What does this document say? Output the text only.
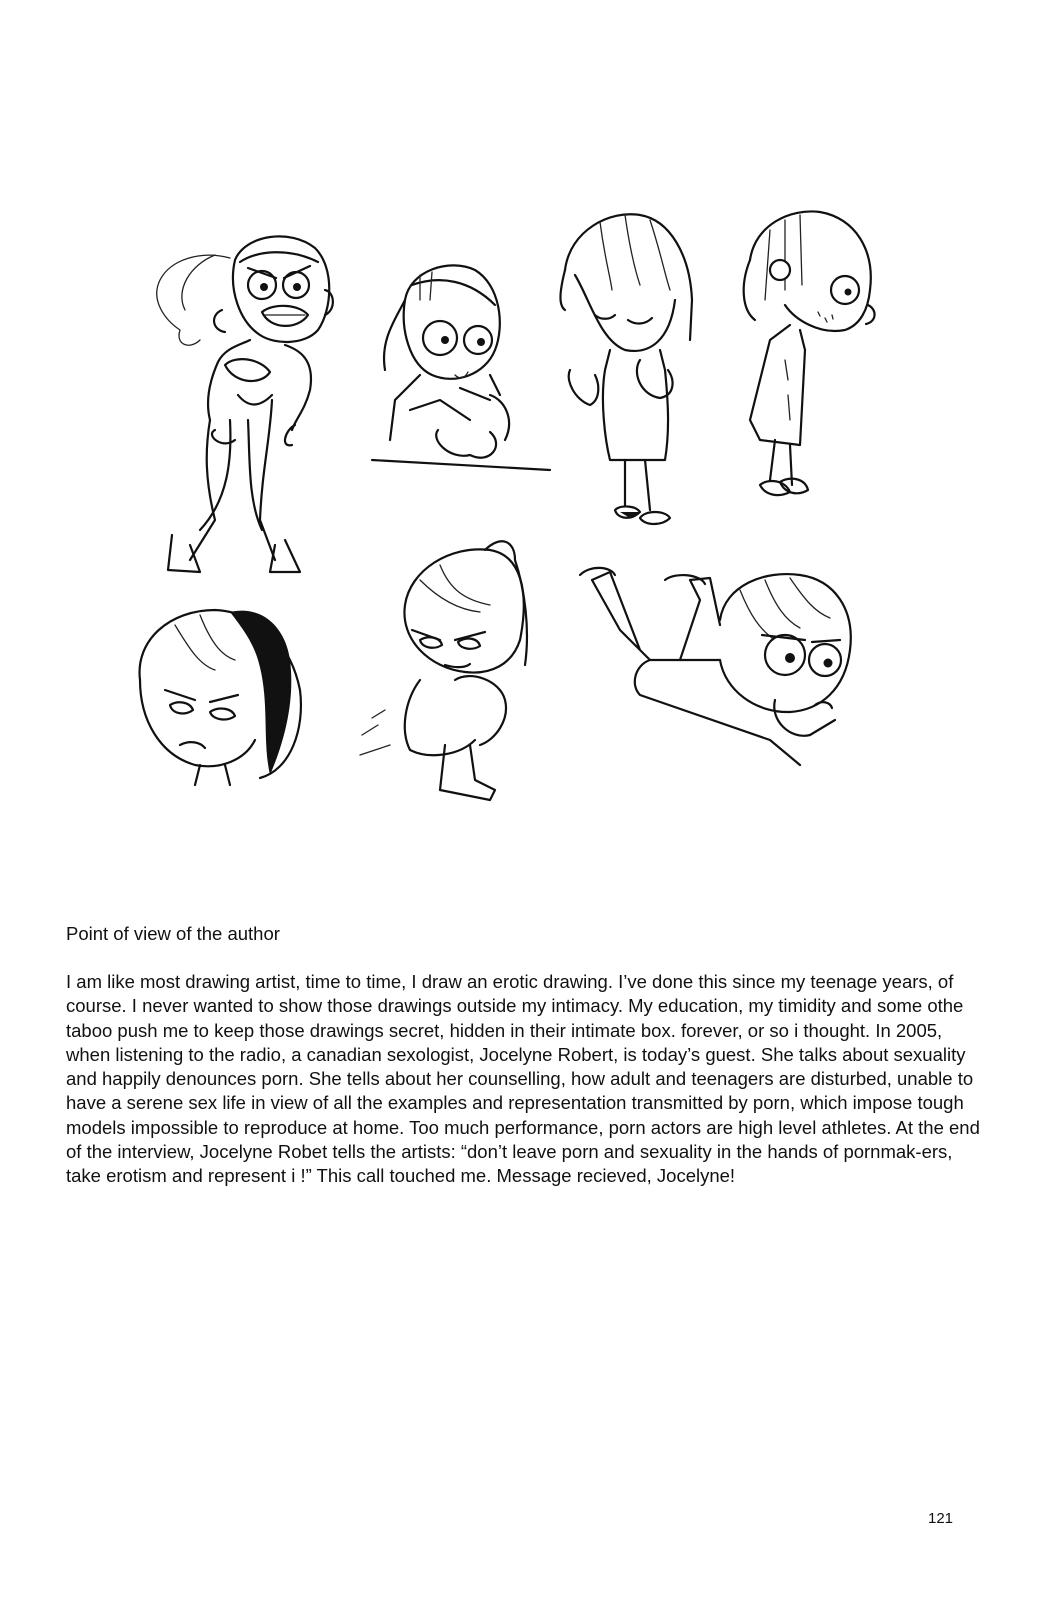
Point of view of the author

I am like most drawing artist, time to time, I draw an erotic drawing. I’ve done this since my teenage years, of course. I never wanted to show those drawings outside my intimacy. My education, my timidity and some othe taboo push me to keep those drawings secret, hidden in their intimate box. forever, or so i thought. In 2005, when listening to the radio, a canadian sexologist, Jocelyne Robert, is today’s guest. She talks about sexuality and happily denounces porn. She tells about her counselling, how adult and teenagers are disturbed, unable to have a serene sex life in view of all the examples and representation transmitted by porn, which impose tough models impossible to reproduce at home. Too much performance, porn actors are high level athletes. At the end of the interview, Jocelyne Robet tells the artists: “don’t leave porn and sexuality in the hands of pornmak-ers, take erotism and represent i !” This call touched me. Message recieved, Jocelyne!

121
